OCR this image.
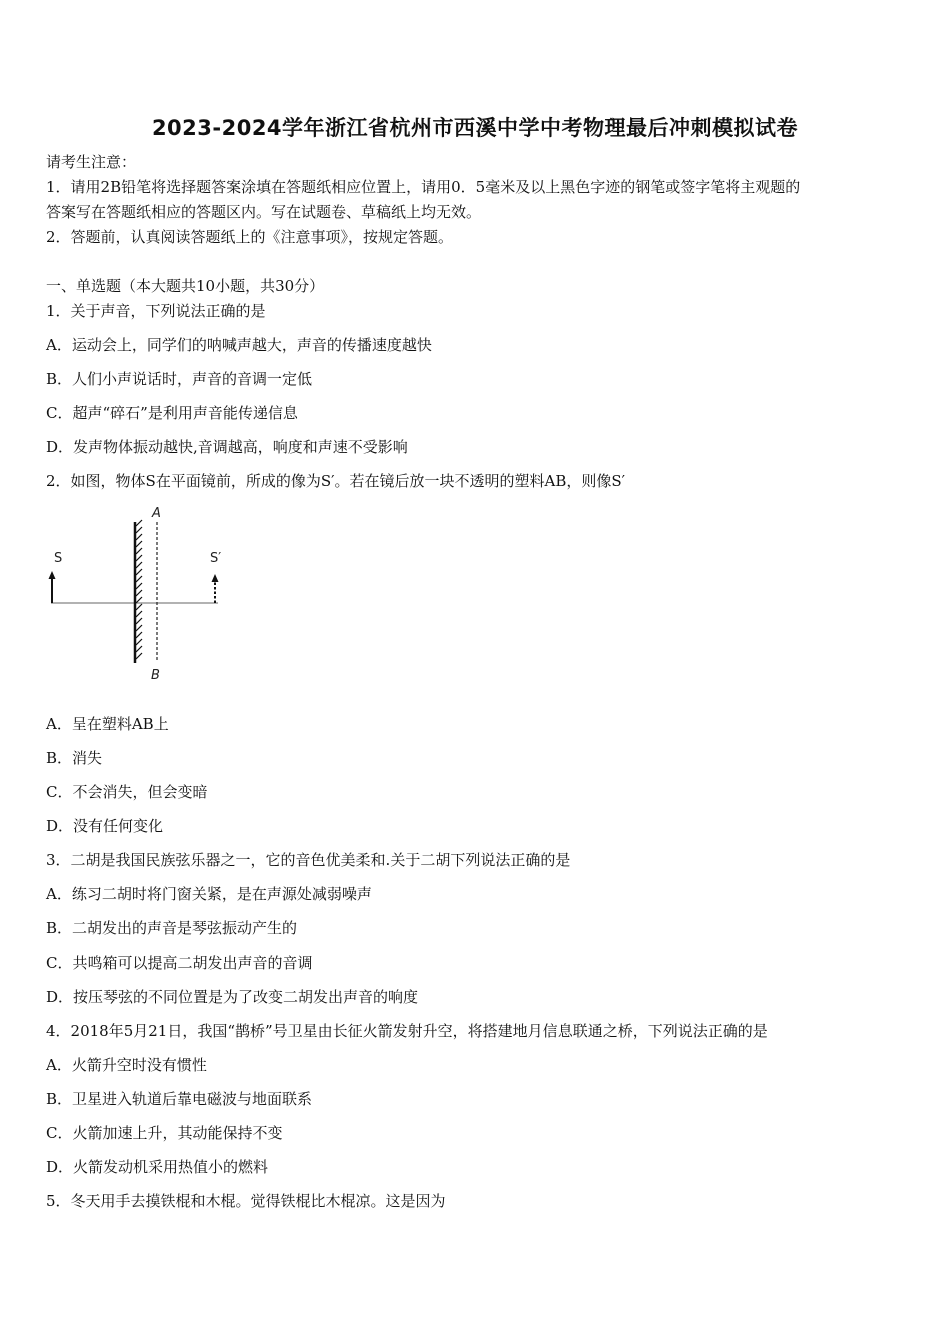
2023-2024学年浙江省杭州市西溪中学中考物理最后冲刺模拟试卷
请考生注意：
1．请用2B铅笔将选择题答案涂填在答题纸相应位置上，请用0．5毫米及以上黑色字迹的钢笔或签字笔将主观题的
答案写在答题纸相应的答题区内。写在试题卷、草稿纸上均无效。
2．答题前，认真阅读答题纸上的《注意事项》，按规定答题。
一、单选题（本大题共10小题，共30分）
1．关于声音，下列说法正确的是
A．运动会上，同学们的呐喊声越大，声音的传播速度越快
B．人们小声说话时，声音的音调一定低
C．超声“碎石”是利用声音能传递信息
D．发声物体振动越快,音调越高，响度和声速不受影响
2．如图，物体S在平面镜前，所成的像为S′。若在镜后放一块不透明的塑料AB，则像S′
S	S′
A
B
A．呈在塑料AB上
B．消失
C．不会消失，但会变暗
D．没有任何变化
3．二胡是我国民族弦乐器之一，它的音色优美柔和.关于二胡下列说法正确的是
A．练习二胡时将门窗关紧，是在声源处减弱噪声
B．二胡发出的声音是琴弦振动产生的
C．共鸣箱可以提高二胡发出声音的音调
D．按压琴弦的不同位置是为了改变二胡发出声音的响度
4．2018年5月21日，我国“鹊桥”号卫星由长征火箭发射升空，将搭建地月信息联通之桥，下列说法正确的是
A．火箭升空时没有惯性
B．卫星进入轨道后靠电磁波与地面联系
C．火箭加速上升，其动能保持不变
D．火箭发动机采用热值小的燃料
5．冬天用手去摸铁棍和木棍。觉得铁棍比木棍凉。这是因为
